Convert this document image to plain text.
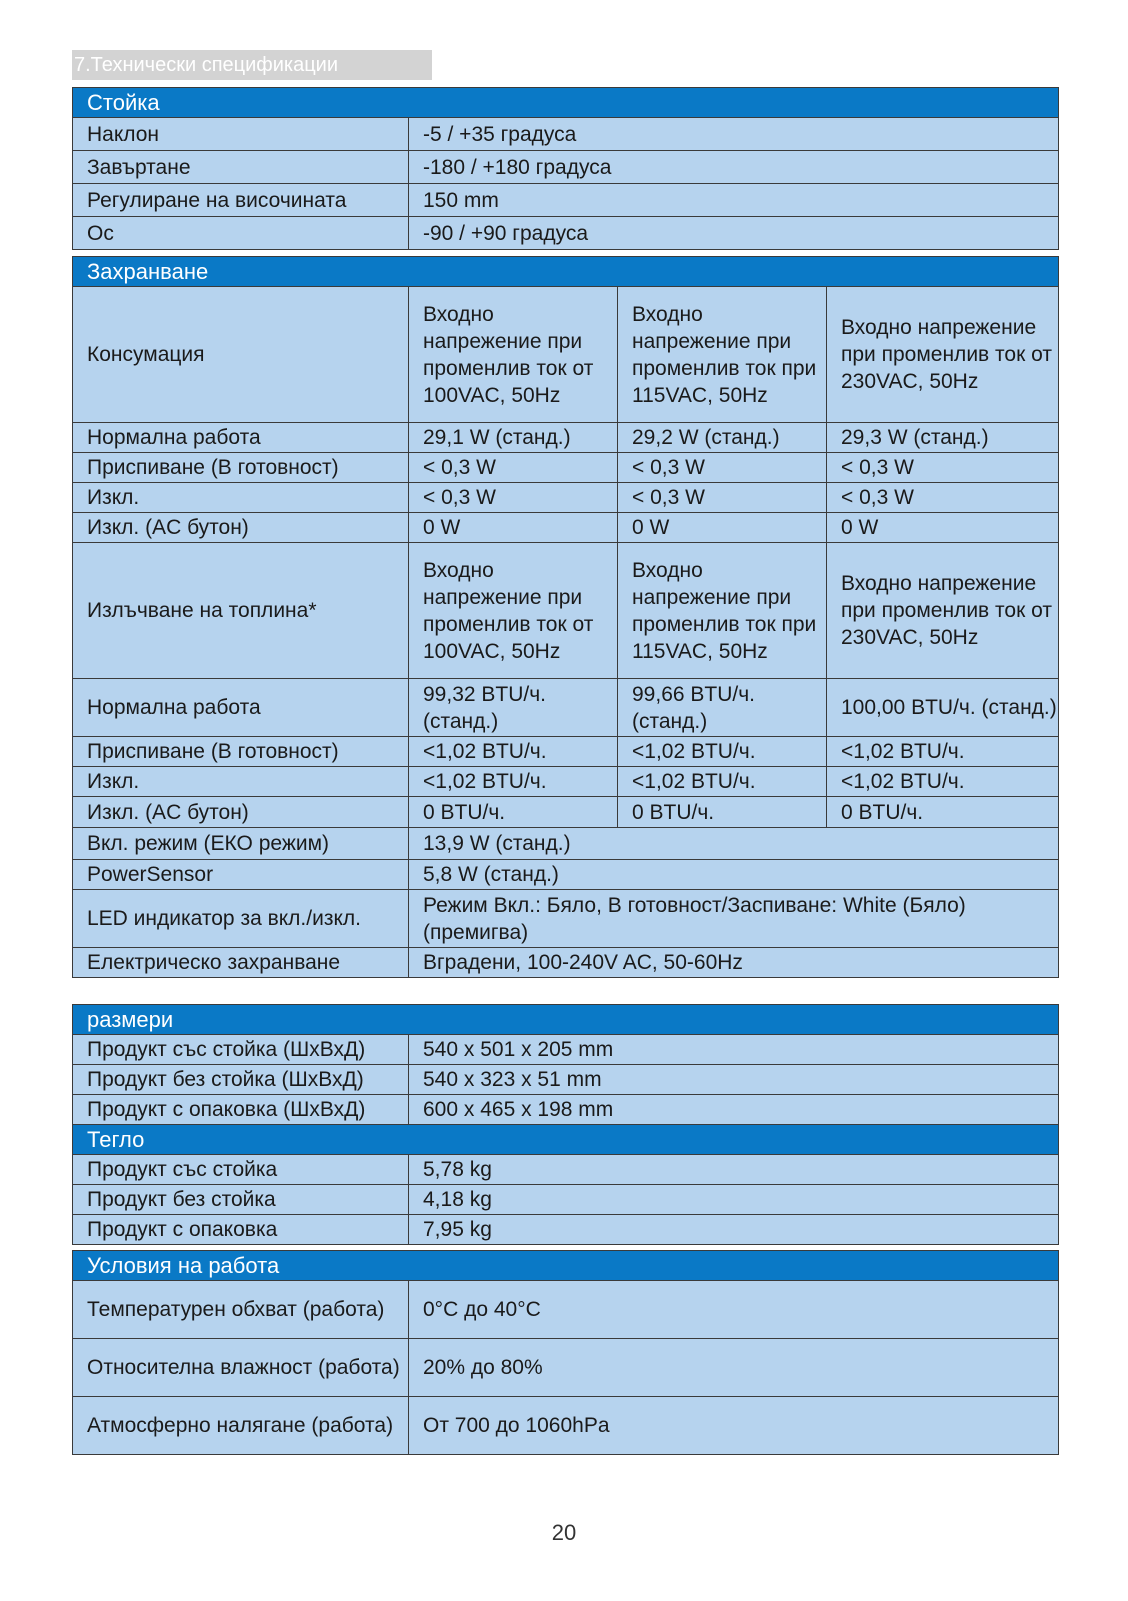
7.Технически спецификации
Стойка			
Наклон	-5 / +35 градуса		
Завъртане	-180 / +180 градуса		
Регулиране на височината	150 mm		
Ос	-90 / +90 градуса		

Захранване			
Консумация	Входно напрежение при променлив ток от 100VAC, 50Hz	Входно напрежение при променлив ток при 115VAC, 50Hz	Входно напрежение при променлив ток от 230VAC, 50Hz
Нормална работа	29,1 W (станд.)	29,2 W (станд.)	29,3 W (станд.)
Приспиване (В готовност)	< 0,3 W	< 0,3 W	< 0,3 W
Изкл.	< 0,3 W	< 0,3 W	< 0,3 W
Изкл. (AC бутон)	0 W	0 W	0 W
Излъчване на топлина*	Входно напрежение при променлив ток от 100VAC, 50Hz	Входно напрежение при променлив ток при 115VAC, 50Hz	Входно напрежение при променлив ток от 230VAC, 50Hz
Нормална работа	99,32 BTU/ч. (станд.)	99,66 BTU/ч. (станд.)	100,00 BTU/ч. (станд.)
Приспиване (В готовност)	<1,02 BTU/ч.	<1,02 BTU/ч.	<1,02 BTU/ч.
Изкл.	<1,02 BTU/ч.	<1,02 BTU/ч.	<1,02 BTU/ч.
Изкл. (AC бутон)	0 BTU/ч.	0 BTU/ч.	0 BTU/ч.
Вкл. режим (ЕКО режим)	13,9 W (станд.)		
PowerSensor	5,8 W (станд.)		
LED индикатор за вкл./изкл.	Режим Вкл.: Бяло, В готовност/Заспиване: White (Бяло) (премигва)		
Електрическо захранване	Вградени, 100-240V AC, 50-60Hz		
размери	
Продукт със стойка (ШхВхД)	540 x 501 x 205 mm
Продукт без стойка (ШхВхД)	540 x 323 x 51 mm
Продукт с опаковка (ШхВхД)	600 x 465 x 198 mm
Тегло	
Продукт със стойка	5,78 kg
Продукт без стойка	4,18 kg
Продукт с опаковка	7,95 kg
Условия на работа	
Температурен обхват (работа)	0°C до 40°C
Относителна влажност (работа)	20% до 80%
Атмосферно налягане (работа)	От 700 до 1060hPa
20
